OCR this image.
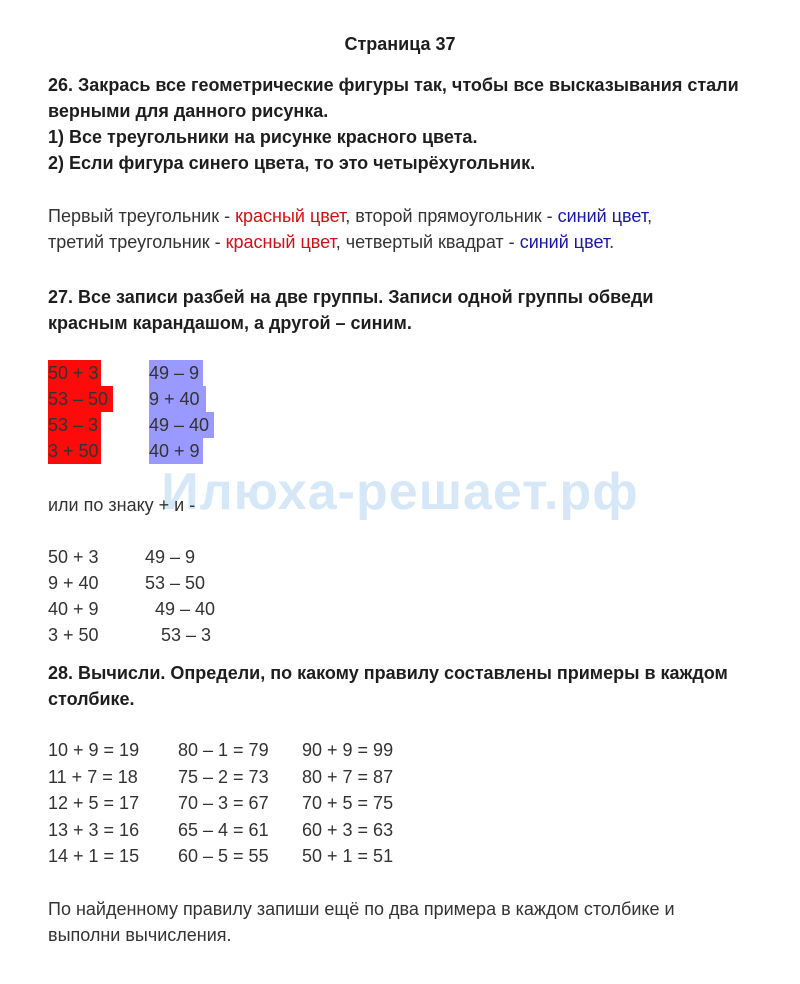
Страница 37
26. Закрась все геометрические фигуры так, чтобы все высказывания стали
верными для данного рисунка.
1) Все треугольники на рисунке красного цвета.
2) Если фигура синего цвета, то это четырёхугольник.
Первый треугольник - красный цвет, второй прямоугольник - синий цвет,
третий треугольник - красный цвет, четвертый квадрат - синий цвет.
27. Все записи разбей на две группы. Записи одной группы обведи
красным карандашом, а другой – синим.
50 + 3
53 – 50
53 – 3
3 + 50
49 – 9
9 + 40
49 – 40
40 + 9
Илюха-решает.рф
или по знаку + и -
50 + 3
9 + 40
40 + 9
3 + 50
49 – 9
53 – 50
49 – 40
53 – 3
28. Вычисли. Определи, по какому правилу составлены примеры в каждом
столбике.
10 + 9 = 19
11 + 7 = 18
12 + 5 = 17
13 + 3 = 16
14 + 1 = 15
80 – 1 = 79
75 – 2 = 73
70 – 3 = 67
65 – 4 = 61
60 – 5 = 55
90 + 9 = 99
80 + 7 = 87
70 + 5 = 75
60 + 3 = 63
50 + 1 = 51
По найденному правилу запиши ещё по два примера в каждом столбике и
выполни вычисления.
